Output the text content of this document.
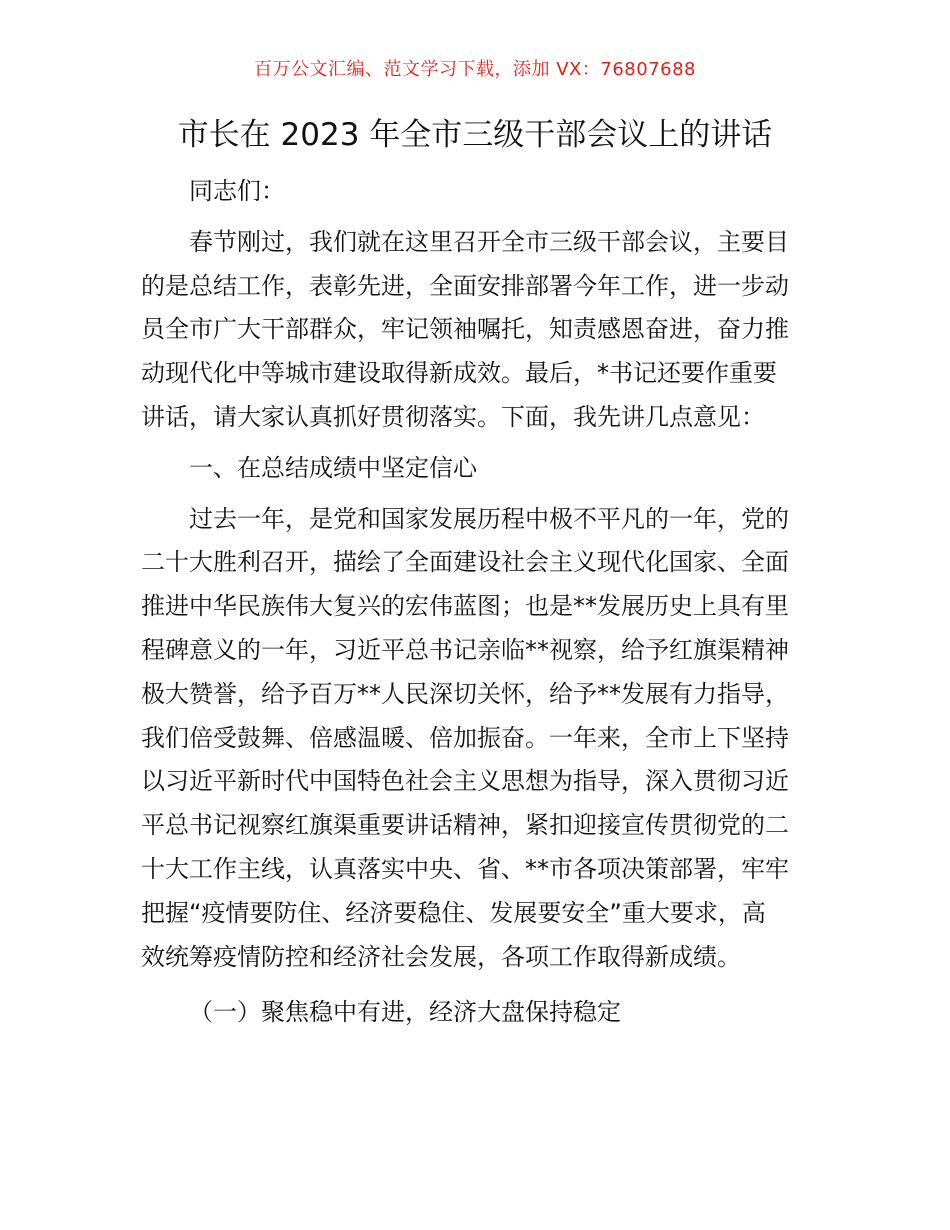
百万公文汇编、范文学习下载，添加 VX：76807688
市长在 2023 年全市三级干部会议上的讲话
同志们：
春节刚过，我们就在这里召开全市三级干部会议，主要目
的是总结工作，表彰先进，全面安排部署今年工作，进一步动
员全市广大干部群众，牢记领袖嘱托，知责感恩奋进，奋力推
动现代化中等城市建设取得新成效。最后，*书记还要作重要
讲话，请大家认真抓好贯彻落实。下面，我先讲几点意见：
一、在总结成绩中坚定信心
过去一年，是党和国家发展历程中极不平凡的一年，党的
二十大胜利召开，描绘了全面建设社会主义现代化国家、全面
推进中华民族伟大复兴的宏伟蓝图；也是**发展历史上具有里
程碑意义的一年，习近平总书记亲临**视察，给予红旗渠精神
极大赞誉，给予百万**人民深切关怀，给予**发展有力指导，
我们倍受鼓舞、倍感温暖、倍加振奋。一年来，全市上下坚持
以习近平新时代中国特色社会主义思想为指导，深入贯彻习近
平总书记视察红旗渠重要讲话精神，紧扣迎接宣传贯彻党的二
十大工作主线，认真落实中央、省、**市各项决策部署，牢牢
把握“疫情要防住、经济要稳住、发展要安全”重大要求，高
效统筹疫情防控和经济社会发展，各项工作取得新成绩。
（一）聚焦稳中有进，经济大盘保持稳定
